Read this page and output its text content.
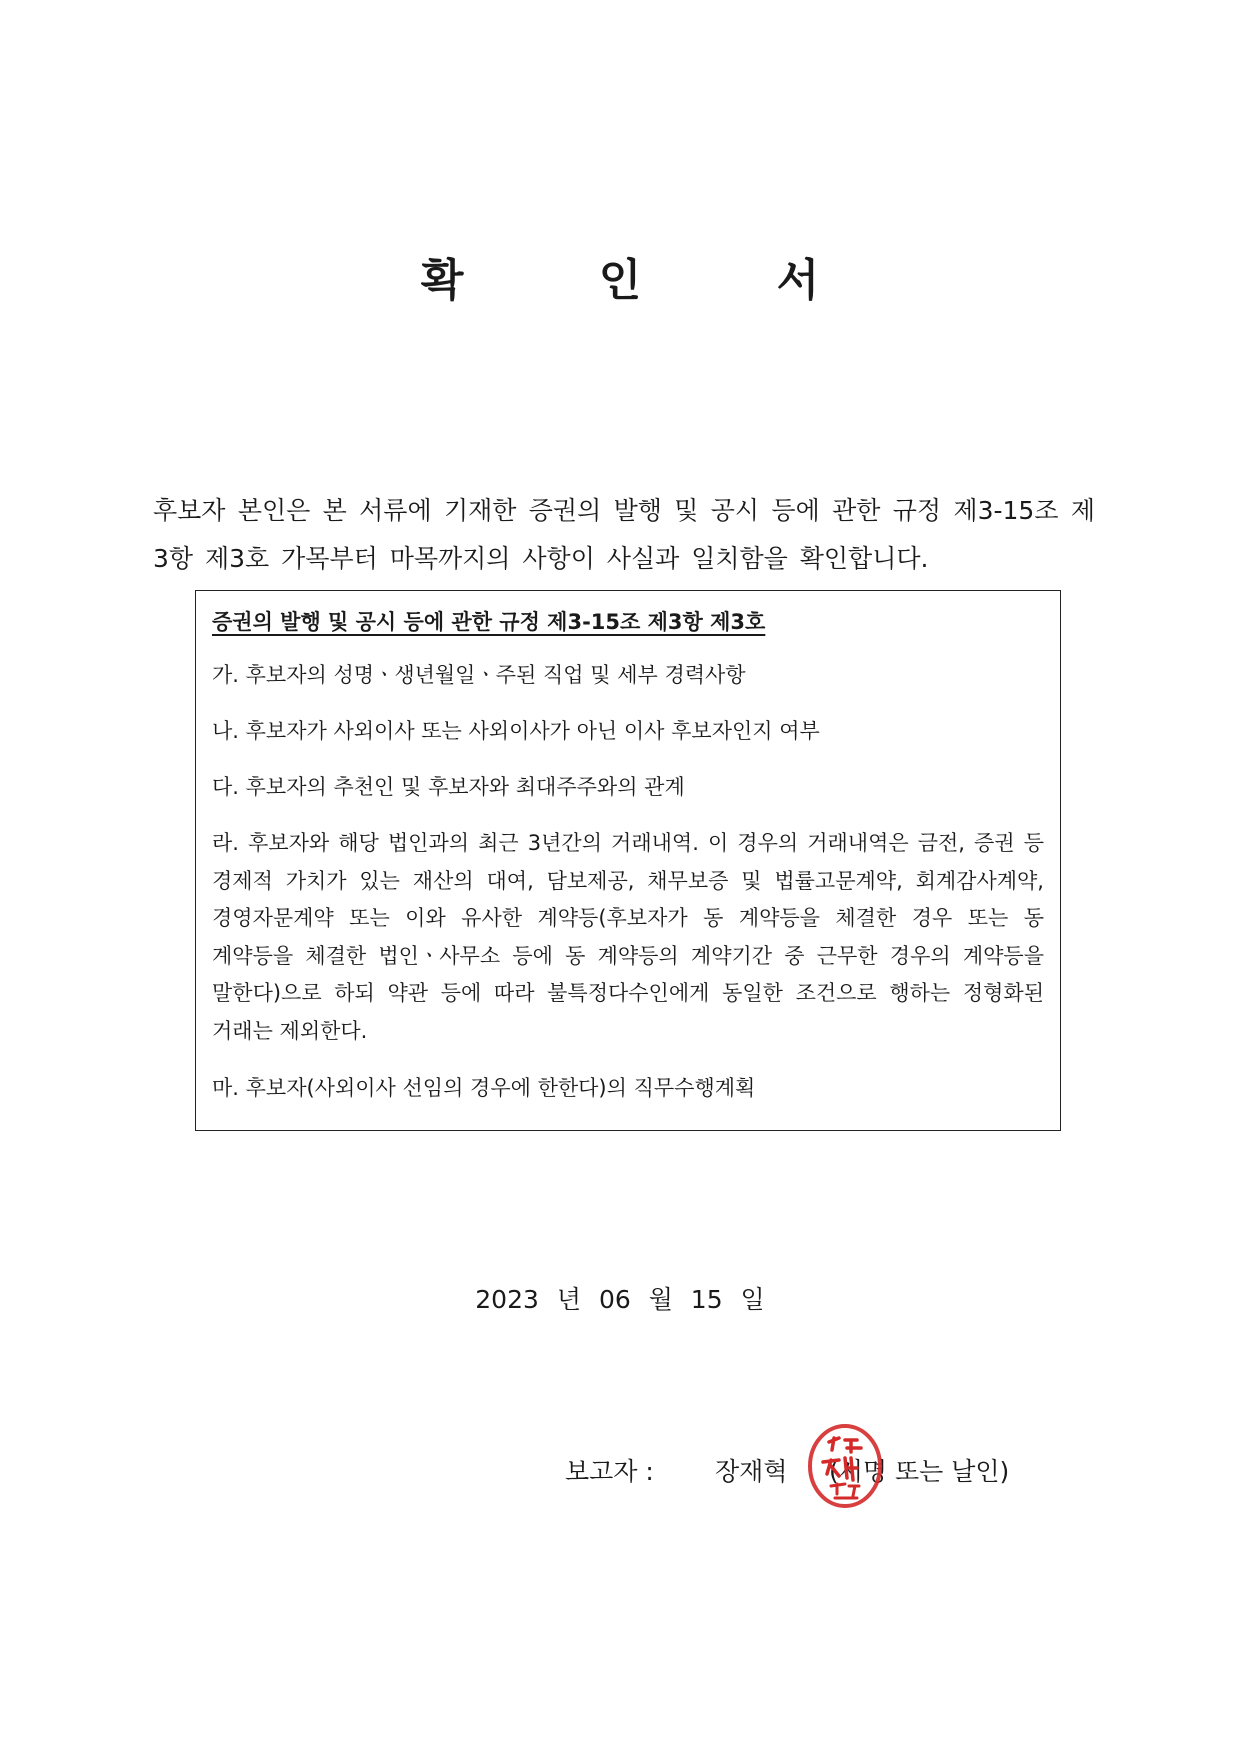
확 인 서

후보자 본인은 본 서류에 기재한 증권의 발행 및 공시 등에 관한 규정 제3-15조 제3항 제3호 가목부터 마목까지의 사항이 사실과 일치함을 확인합니다.

증권의 발행 및 공시 등에 관한 규정 제3-15조 제3항 제3호

가. 후보자의 성명ㆍ생년월일ㆍ주된 직업 및 세부 경력사항

나. 후보자가 사외이사 또는 사외이사가 아닌 이사 후보자인지 여부

다. 후보자의 추천인 및 후보자와 최대주주와의 관계

라. 후보자와 해당 법인과의 최근 3년간의 거래내역. 이 경우의 거래내역은 금전, 증권 등 경제적 가치가 있는 재산의 대여, 담보제공, 채무보증 및 법률고문계약, 회계감사계약, 경영자문계약 또는 이와 유사한 계약등(후보자가 동 계약등을 체결한 경우 또는 동 계약등을 체결한 법인ㆍ사무소 등에 동 계약등의 계약기간 중 근무한 경우의 계약등을 말한다)으로 하되 약관 등에 따라 불특정다수인에게 동일한 조건으로 행하는 정형화된 거래는 제외한다.

마. 후보자(사외이사 선임의 경우에 한한다)의 직무수행계획

2023 년 06 월 15 일
보고자 : 장재혁 (서명 또는 날인)
